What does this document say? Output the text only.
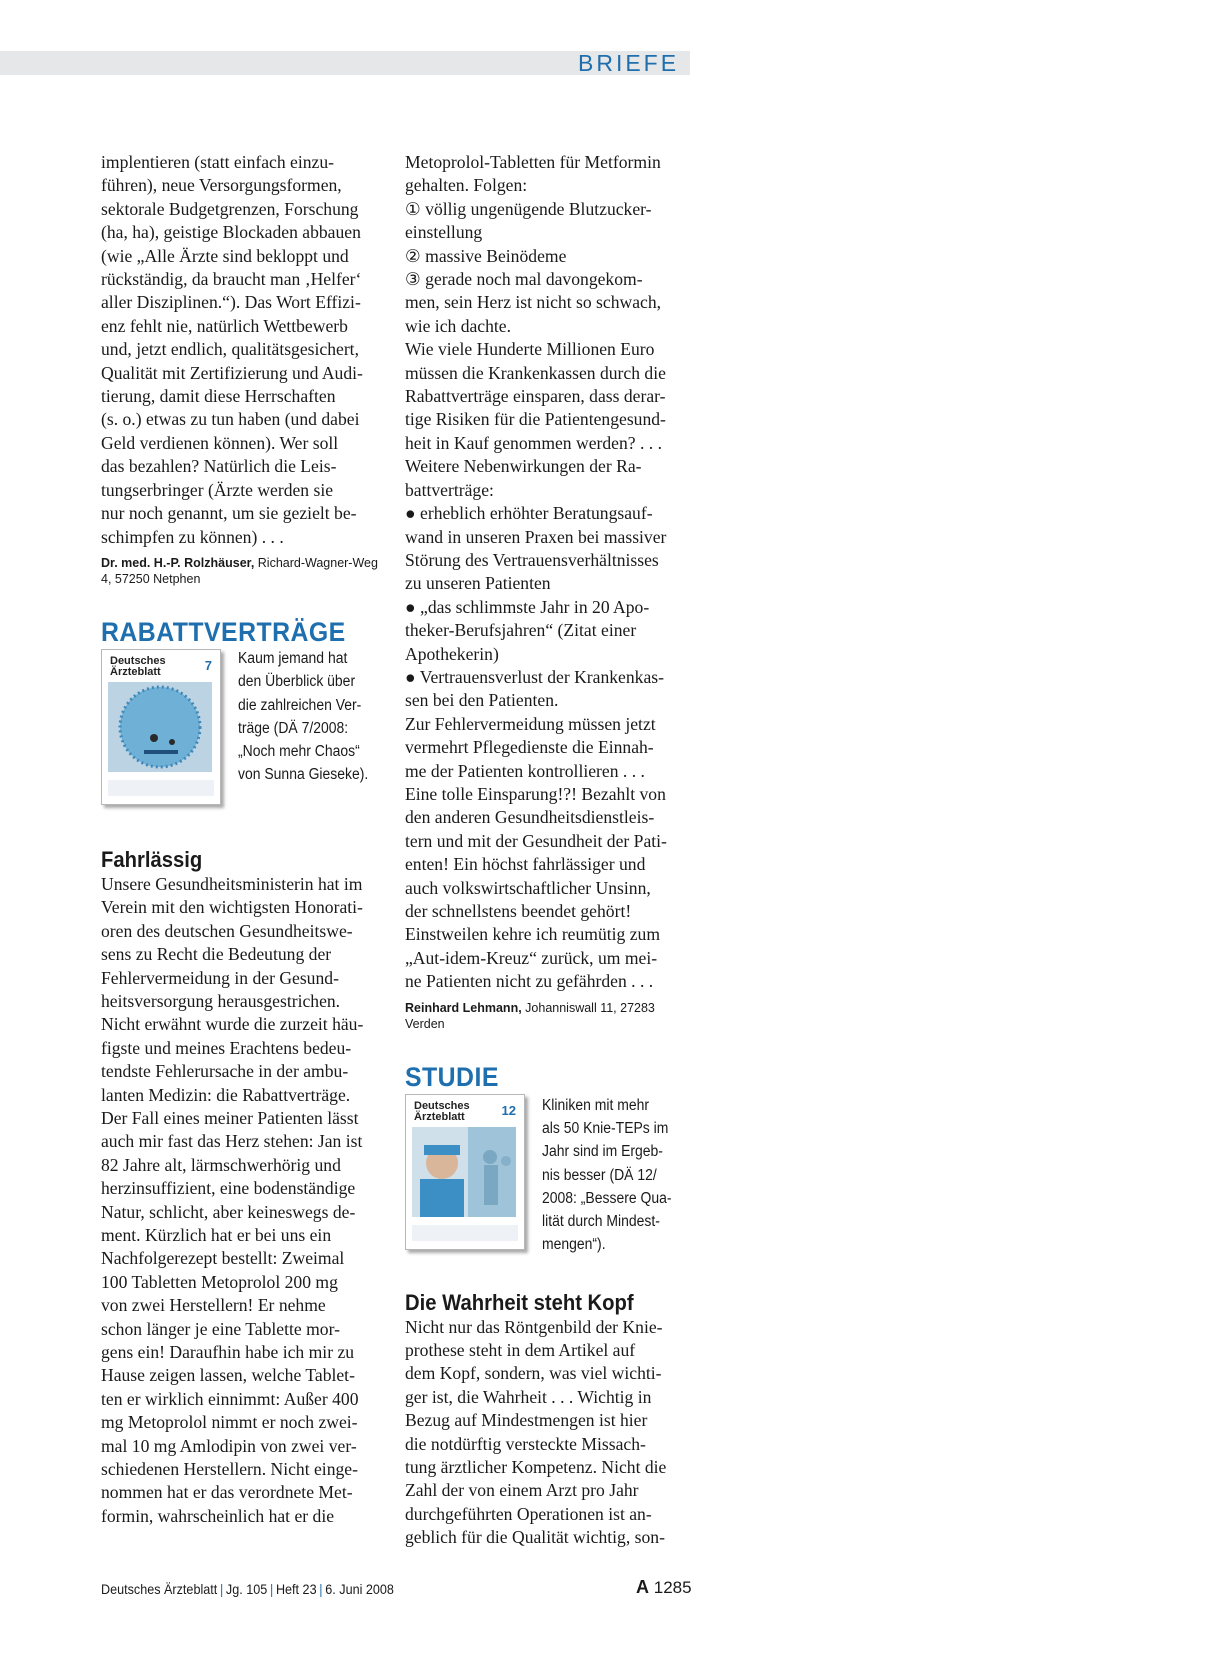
BRIEFE

implentieren (statt einfach einzu-
führen), neue Versorgungsformen,
sektorale Budgetgrenzen, Forschung
(ha, ha), geistige Blockaden abbauen
(wie „Alle Ärzte sind bekloppt und
rückständig, da braucht man ‚Helfer‘
aller Disziplinen.“). Das Wort Effizi-
enz fehlt nie, natürlich Wettbewerb
und, jetzt endlich, qualitätsgesichert,
Qualität mit Zertifizierung und Audi-
tierung, damit diese Herrschaften
(s. o.) etwas zu tun haben (und dabei
Geld verdienen können). Wer soll
das bezahlen? Natürlich die Leis-
tungserbringer (Ärzte werden sie
nur noch genannt, um sie gezielt be-
schimpfen zu können) . . .

Dr. med. H.-P. Rolzhäuser, Richard-Wagner-Weg 4, 57250 Netphen

RABATTVERTRÄGE
Deutsches Ärzteblatt	7 Kaum jemand hat
den Überblick über
die zahlreichen Ver-
träge (DÄ 7/2008:
„Noch mehr Chaos“
von Sunna Gieseke).
Fahrlässig

Unsere Gesundheitsministerin hat im
Verein mit den wichtigsten Honorati-
oren des deutschen Gesundheitswe-
sens zu Recht die Bedeutung der
Fehlervermeidung in der Gesund-
heitsversorgung herausgestrichen.
Nicht erwähnt wurde die zurzeit häu-
figste und meines Erachtens bedeu-
tendste Fehlerursache in der ambu-
lanten Medizin: die Rabattverträge.
Der Fall eines meiner Patienten lässt
auch mir fast das Herz stehen: Jan ist
82 Jahre alt, lärmschwerhörig und
herzinsuffizient, eine bodenständige
Natur, schlicht, aber keineswegs de-
ment. Kürzlich hat er bei uns ein
Nachfolgerezept bestellt: Zweimal
100 Tabletten Metoprolol 200 mg
von zwei Herstellern! Er nehme
schon länger je eine Tablette mor-
gens ein! Daraufhin habe ich mir zu
Hause zeigen lassen, welche Tablet-
ten er wirklich einnimmt: Außer 400
mg Metoprolol nimmt er noch zwei-
mal 10 mg Amlodipin von zwei ver-
schiedenen Herstellern. Nicht einge-
nommen hat er das verordnete Met-
formin, wahrscheinlich hat er die

Metoprolol-Tabletten für Metformin
gehalten. Folgen:
① völlig ungenügende Blutzucker-
einstellung
② massive Beinödeme
③ gerade noch mal davongekom-
men, sein Herz ist nicht so schwach,
wie ich dachte.
Wie viele Hunderte Millionen Euro
müssen die Krankenkassen durch die
Rabattverträge einsparen, dass derar-
tige Risiken für die Patientengesund-
heit in Kauf genommen werden? . . .
Weitere Nebenwirkungen der Ra-
battverträge:
● erheblich erhöhter Beratungsauf-
wand in unseren Praxen bei massiver
Störung des Vertrauensverhältnisses
zu unseren Patienten
● „das schlimmste Jahr in 20 Apo-
theker-Berufsjahren“ (Zitat einer
Apothekerin)
● Vertrauensverlust der Krankenkas-
sen bei den Patienten.
Zur Fehlervermeidung müssen jetzt
vermehrt Pflegedienste die Einnah-
me der Patienten kontrollieren . . .
Eine tolle Einsparung!?! Bezahlt von
den anderen Gesundheitsdienstleis-
tern und mit der Gesundheit der Pati-
enten! Ein höchst fahrlässiger und
auch volkswirtschaftlicher Unsinn,
der schnellstens beendet gehört!
Einstweilen kehre ich reumütig zum
„Aut-idem-Kreuz“ zurück, um mei-
ne Patienten nicht zu gefährden . . .

Reinhard Lehmann, Johanniswall 11, 27283 Verden

STUDIE
Deutsches Ärzteblatt	12 Kliniken mit mehr
als 50 Knie-TEPs im
Jahr sind im Ergeb-
nis besser (DÄ 12/
2008: „Bessere Qua-
lität durch Mindest-
mengen“).
Die Wahrheit steht Kopf

Nicht nur das Röntgenbild der Knie-
prothese steht in dem Artikel auf
dem Kopf, sondern, was viel wichti-
ger ist, die Wahrheit . . . Wichtig in
Bezug auf Mindestmengen ist hier
die notdürftig versteckte Missach-
tung ärztlicher Kompetenz. Nicht die
Zahl der von einem Arzt pro Jahr
durchgeführten Operationen ist an-
geblich für die Qualität wichtig, son-

Deutsches Ärzteblatt | Jg. 105 | Heft 23 | 6. Juni 2008	A 1285
